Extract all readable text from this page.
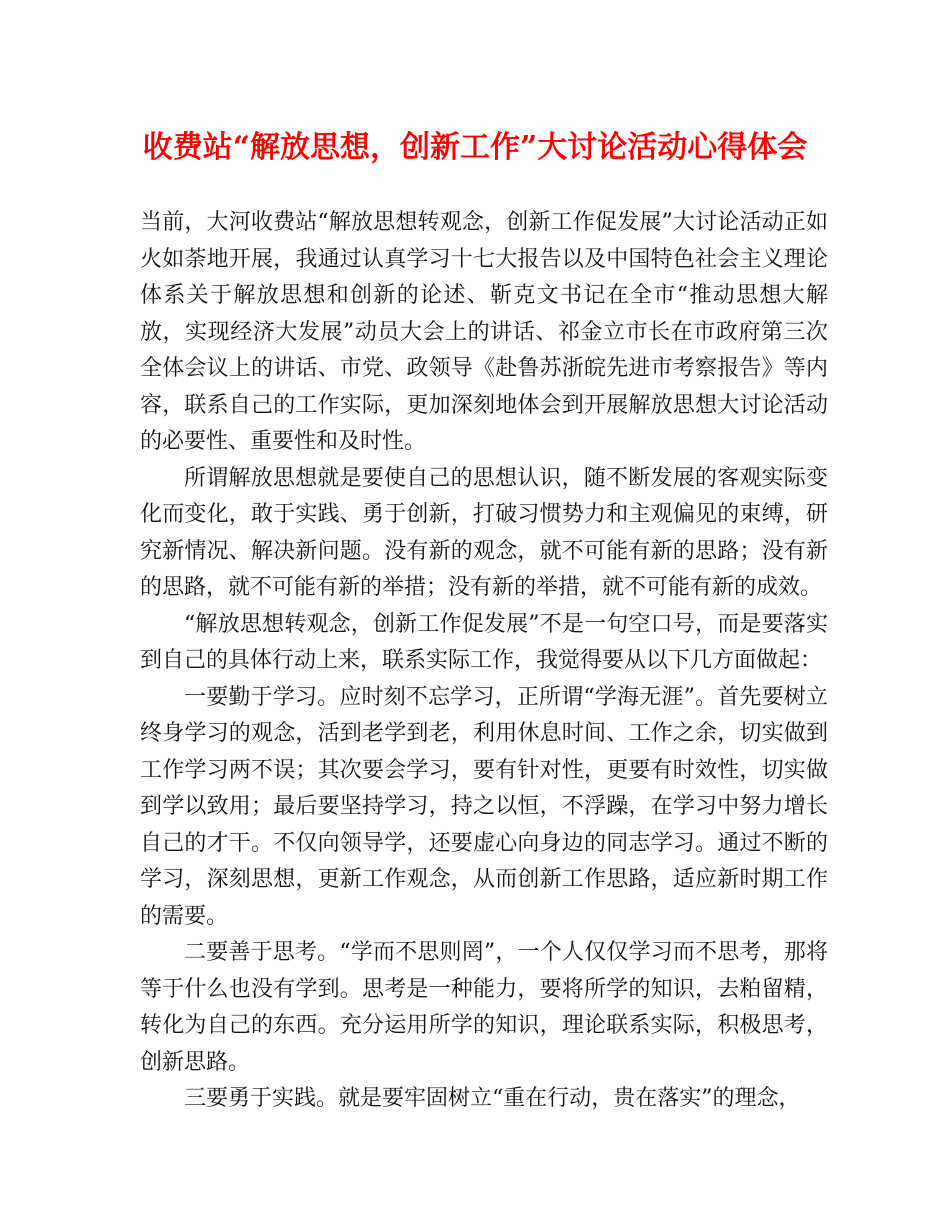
收费站“解放思想，创新工作”大讨论活动心得体会

当前，大河收费站“解放思想转观念，创新工作促发展”大讨论活动正如火如荼地开展，我通过认真学习十七大报告以及中国特色社会主义理论体系关于解放思想和创新的论述、靳克文书记在全市“推动思想大解放，实现经济大发展”动员大会上的讲话、祁金立市长在市政府第三次全体会议上的讲话、市党、政领导《赴鲁苏浙皖先进市考察报告》等内容，联系自己的工作实际，更加深刻地体会到开展解放思想大讨论活动的必要性、重要性和及时性。

所谓解放思想就是要使自己的思想认识，随不断发展的客观实际变化而变化，敢于实践、勇于创新，打破习惯势力和主观偏见的束缚，研究新情况、解决新问题。没有新的观念，就不可能有新的思路；没有新的思路，就不可能有新的举措；没有新的举措，就不可能有新的成效。

“解放思想转观念，创新工作促发展”不是一句空口号，而是要落实到自己的具体行动上来，联系实际工作，我觉得要从以下几方面做起：

一要勤于学习。应时刻不忘学习，正所谓“学海无涯”。首先要树立终身学习的观念，活到老学到老，利用休息时间、工作之余，切实做到工作学习两不误；其次要会学习，要有针对性，更要有时效性，切实做到学以致用；最后要坚持学习，持之以恒，不浮躁，在学习中努力增长自己的才干。不仅向领导学，还要虚心向身边的同志学习。通过不断的学习，深刻思想，更新工作观念，从而创新工作思路，适应新时期工作的需要。

二要善于思考。“学而不思则罔”，一个人仅仅学习而不思考，那将等于什么也没有学到。思考是一种能力，要将所学的知识，去粕留精，转化为自己的东西。充分运用所学的知识，理论联系实际，积极思考，创新思路。

三要勇于实践。就是要牢固树立“重在行动，贵在落实”的理念，
